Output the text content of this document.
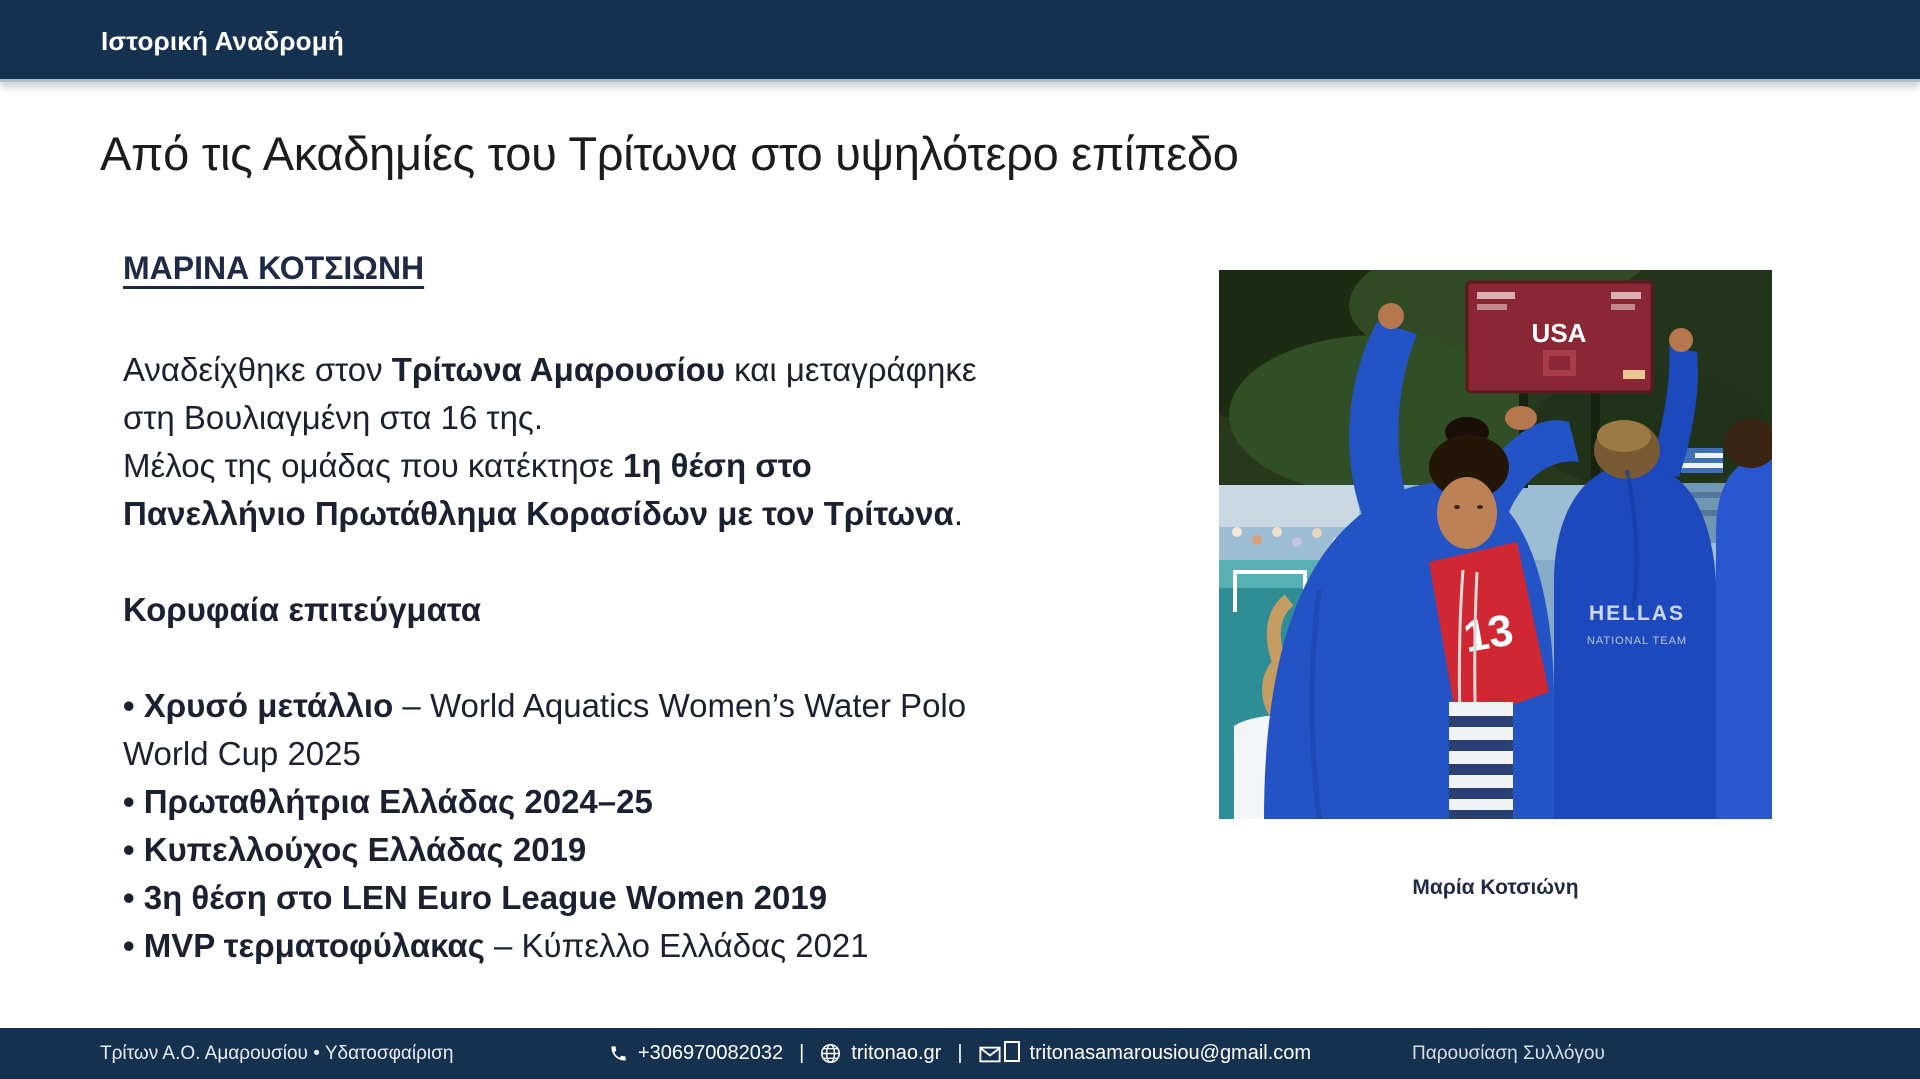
Ιστορική Αναδρομή
Από τις Ακαδημίες του Τρίτωνα στο υψηλότερο επίπεδο
ΜΑΡΙΝΑ ΚΟΤΣΙΩΝΗ
Αναδείχθηκε στον Τρίτωνα Αμαρουσίου και μεταγράφηκε
στη Βουλιαγμένη στα 16 της.
Μέλος της ομάδας που κατέκτησε 1η θέση στο
Πανελλήνιο Πρωτάθλημα Κορασίδων με τον Τρίτωνα.

Κορυφαία επιτεύγματα

• Χρυσό μετάλλιο – World Aquatics Women’s Water Polo
World Cup 2025
• Πρωταθλήτρια Ελλάδας 2024–25
• Κυπελλούχος Ελλάδας 2019
• 3η θέση στο LEN Euro League Women 2019
• MVP τερματοφύλακας – Κύπελλο Ελλάδας 2021
USA
HELLAS
NATIONAL TEAM
13
Μαρία Κοτσιώνη
Τρίτων Α.Ο. Αμαρουσίου • Υδατοσφαίριση	+306970082032 | tritonao.gr |	tritonasamarousiou@gmail.com	Παρουσίαση Συλλόγου
